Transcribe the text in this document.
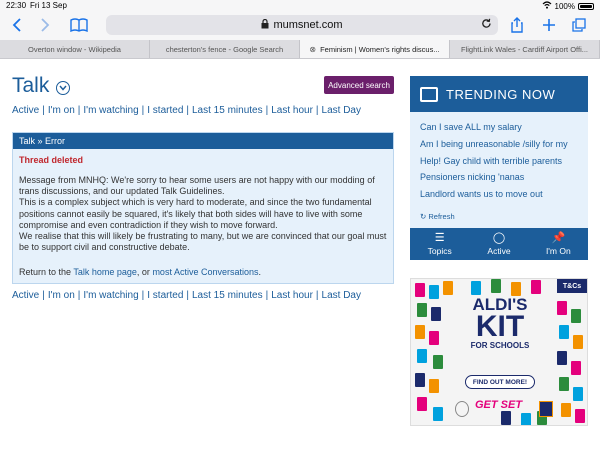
22:30 Fri 13 Sep	100%
mumsnet.com
Overton window - Wikipedia	chesterton's fence - Google Search	⊗ Feminism | Women's rights discus...	FlightLink Wales - Cardiff Airport Offi...
Talk	Advanced search
Active | I'm on | I'm watching | I started | Last 15 minutes | Last hour | Last Day
Talk » Error
Thread deleted

Message from MNHQ: We're sorry to hear some users are not happy with our modding of trans discussions, and our updated Talk Guidelines.

This is a complex subject which is very hard to moderate, and since the two fundamental positions cannot easily be squared, it's likely that both sides will have to live with some compromise and even contradiction if they wish to move forward.

We realise that this will likely be frustrating to many, but we are convinced that our goal must be to support civil and constructive debate.

Return to the Talk home page, or most Active Conversations.
Active | I'm on | I'm watching | I started | Last 15 minutes | Last hour | Last Day
TRENDING NOW
Can I save ALL my salary
Am I being unreasonable /silly for my
Help! Gay child with terrible parents
Pensioners nicking 'nanas
Landlord wants us to move out
↻ Refresh
☰
Topics
◯
Active
📌
I'm On
T&Cs
ALDI'S
KIT
FOR SCHOOLS
FIND OUT MORE!
GET SET
